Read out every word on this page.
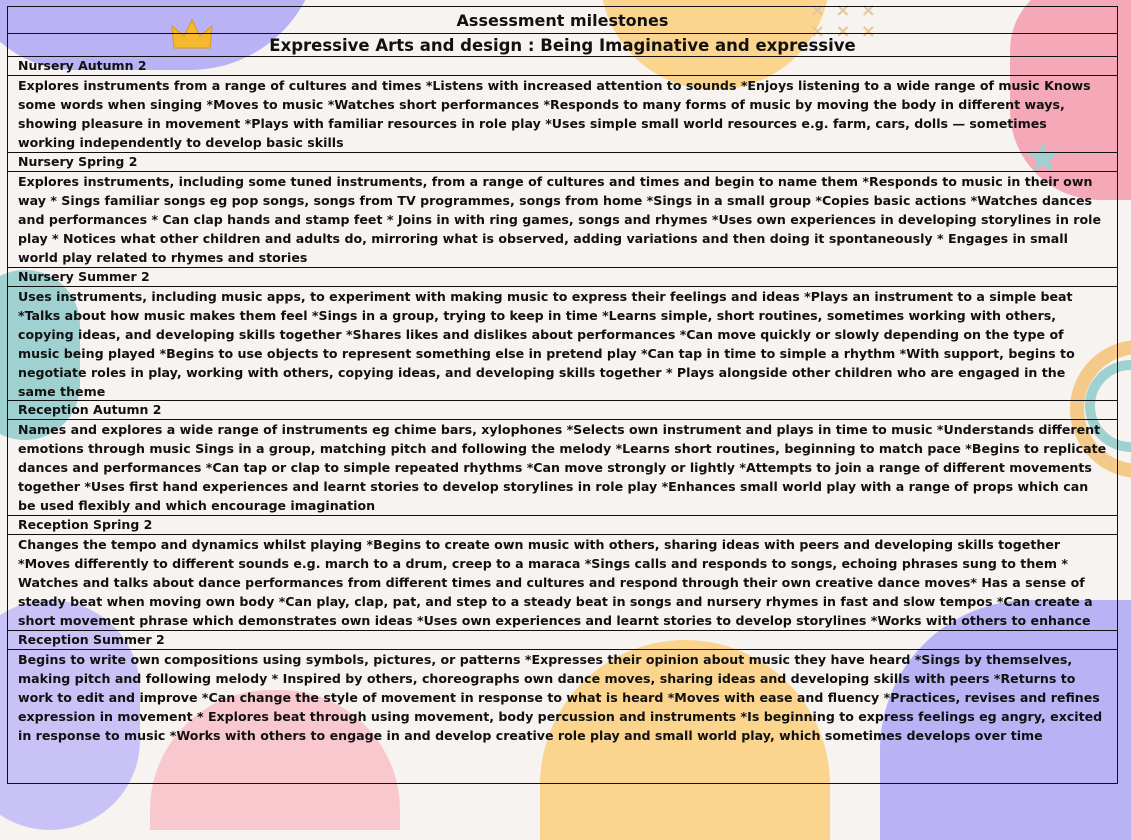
× × ×
× × ×
Assessment milestones
Expressive Arts and design : Being Imaginative and expressive
Nursery Autumn 2
Explores instruments from a range of cultures and times *Listens with increased attention to sounds *Enjoys listening to a wide range of music Knows some words when singing *Moves to music *Watches short performances *Responds to many forms of music by moving the body in different ways, showing pleasure in movement *Plays with familiar resources in role play *Uses simple small world resources e.g. farm, cars, dolls — sometimes working independently to develop basic skills
Nursery Spring 2
Explores instruments, including some tuned instruments, from a range of cultures and times and begin to name them *Responds to music in their own way * Sings familiar songs eg pop songs, songs from TV programmes, songs from home *Sings in a small group *Copies basic actions *Watches dances and performances * Can clap hands and stamp feet * Joins in with ring games, songs and rhymes *Uses own experiences in developing storylines in role play * Notices what other children and adults do, mirroring what is observed, adding variations and then doing it spontaneously * Engages in small world play related to rhymes and stories
Nursery Summer 2
Uses instruments, including music apps, to experiment with making music to express their feelings and ideas *Plays an instrument to a simple beat *Talks about how music makes them feel *Sings in a group, trying to keep in time *Learns simple, short routines, sometimes working with others, copying ideas, and developing skills together *Shares likes and dislikes about performances *Can move quickly or slowly depending on the type of music being played *Begins to use objects to represent something else in pretend play *Can tap in time to simple a rhythm *With support, begins to negotiate roles in play, working with others, copying ideas, and developing skills together * Plays alongside other children who are engaged in the same theme
Reception Autumn 2
Names and explores a wide range of instruments eg chime bars, xylophones *Selects own instrument and plays in time to music *Understands different emotions through music Sings in a group, matching pitch and following the melody *Learns short routines, beginning to match pace *Begins to replicate dances and performances *Can tap or clap to simple repeated rhythms *Can move strongly or lightly *Attempts to join a range of different movements together *Uses first hand experiences and learnt stories to develop storylines in role play *Enhances small world play with a range of props which can be used flexibly and which encourage imagination
Reception Spring 2
Changes the tempo and dynamics whilst playing *Begins to create own music with others, sharing ideas with peers and developing skills together *Moves differently to different sounds e.g. march to a drum, creep to a maraca *Sings calls and responds to songs, echoing phrases sung to them * Watches and talks about dance performances from different times and cultures and respond through their own creative dance moves* Has a sense of steady beat when moving own body *Can play, clap, pat, and step to a steady beat in songs and nursery rhymes in fast and slow tempos *Can create a short movement phrase which demonstrates own ideas *Uses own experiences and learnt stories to develop storylines *Works with others to enhance
Reception Summer 2
Begins to write own compositions using symbols, pictures, or patterns *Expresses their opinion about music they have heard *Sings by themselves, making pitch and following melody * Inspired by others, choreographs own dance moves, sharing ideas and developing skills with peers *Returns to work to edit and improve *Can change the style of movement in response to what is heard *Moves with ease and fluency *Practices, revises and refines expression in movement * Explores beat through using movement, body percussion and instruments *Is beginning to express feelings eg angry, excited in response to music *Works with others to engage in and develop creative role play and small world play, which sometimes develops over time
